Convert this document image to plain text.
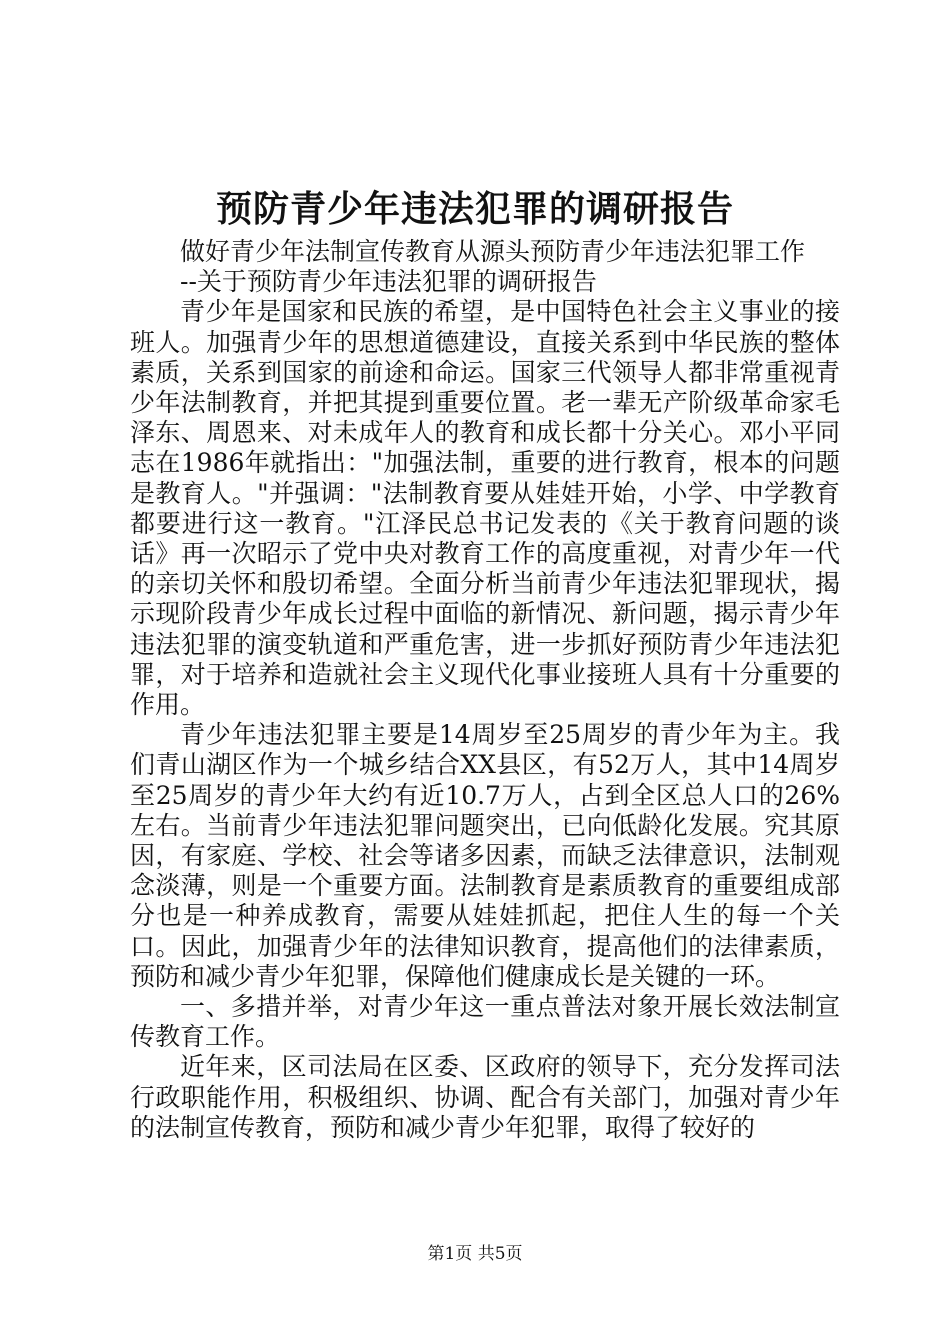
预防青少年违法犯罪的调研报告

做好青少年法制宣传教育从源头预防青少年违法犯罪工作

--关于预防青少年违法犯罪的调研报告

青少年是国家和民族的希望，是中国特色社会主义事业的接班人。加强青少年的思想道德建设，直接关系到中华民族的整体素质，关系到国家的前途和命运。国家三代领导人都非常重视青少年法制教育，并把其提到重要位置。老一辈无产阶级革命家毛泽东、周恩来、对未成年人的教育和成长都十分关心。邓小平同志在1986年就指出："加强法制，重要的进行教育，根本的问题是教育人。"并强调："法制教育要从娃娃开始，小学、中学教育都要进行这一教育。"江泽民总书记发表的《关于教育问题的谈话》再一次昭示了党中央对教育工作的高度重视，对青少年一代的亲切关怀和殷切希望。全面分析当前青少年违法犯罪现状，揭示现阶段青少年成长过程中面临的新情况、新问题，揭示青少年违法犯罪的演变轨道和严重危害，进一步抓好预防青少年违法犯罪，对于培养和造就社会主义现代化事业接班人具有十分重要的作用。

青少年违法犯罪主要是14周岁至25周岁的青少年为主。我们青山湖区作为一个城乡结合XX县区，有52万人，其中14周岁至25周岁的青少年大约有近10.7万人，占到全区总人口的26%左右。当前青少年违法犯罪问题突出，已向低龄化发展。究其原因，有家庭、学校、社会等诸多因素，而缺乏法律意识，法制观念淡薄，则是一个重要方面。法制教育是素质教育的重要组成部分也是一种养成教育，需要从娃娃抓起，把住人生的每一个关口。因此，加强青少年的法律知识教育，提高他们的法律素质，预防和减少青少年犯罪，保障他们健康成长是关键的一环。

一、多措并举，对青少年这一重点普法对象开展长效法制宣传教育工作。

近年来，区司法局在区委、区政府的领导下，充分发挥司法行政职能作用，积极组织、协调、配合有关部门，加强对青少年的法制宣传教育，预防和减少青少年犯罪，取得了较好的

第1页 共5页
